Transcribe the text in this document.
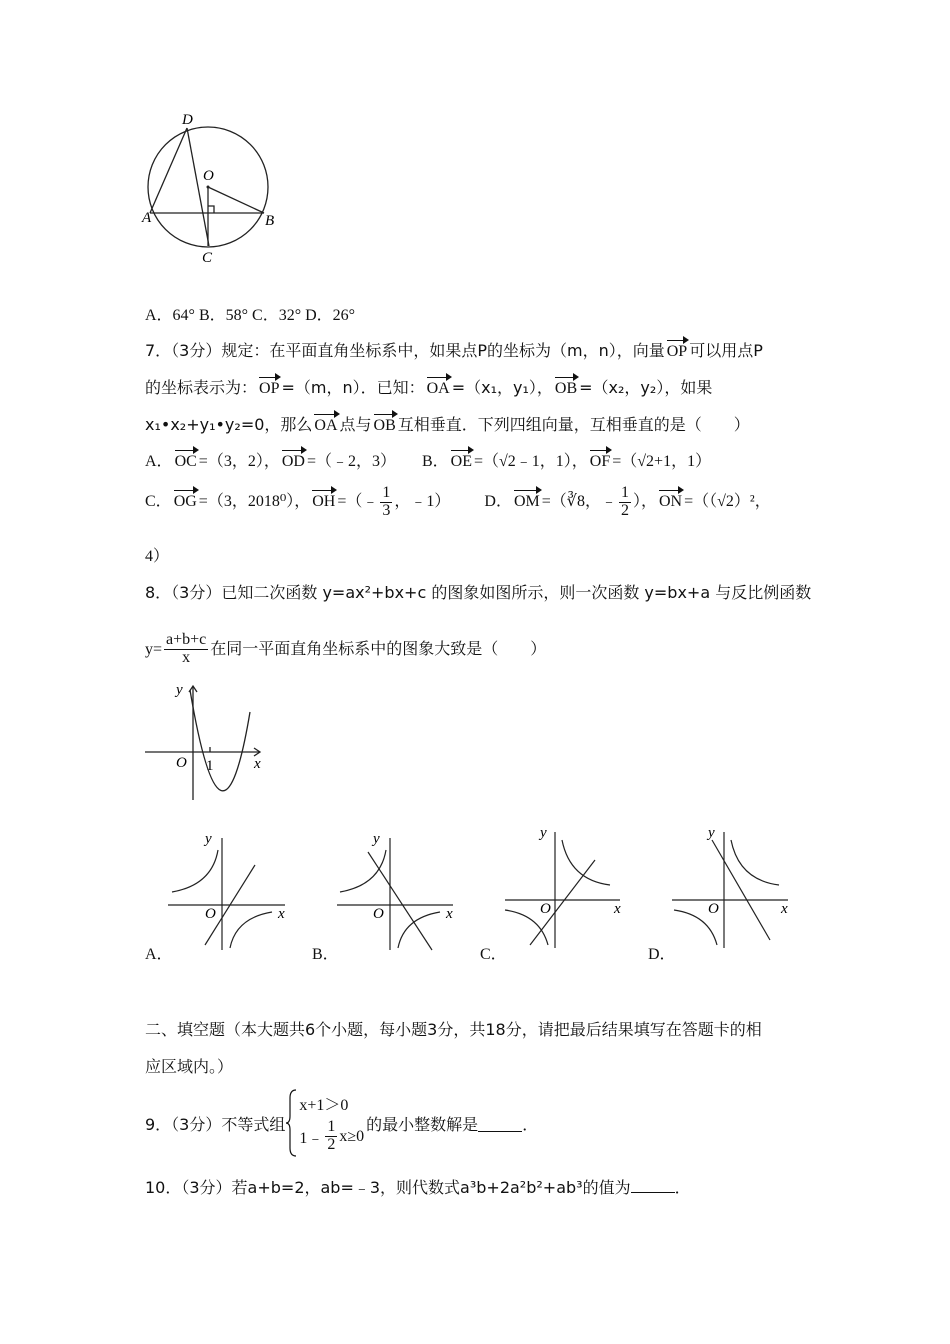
D
O
A	B
C
y
x
O 1
y
x
O
y
x
O
y
x
O
y
x
O
A．64° B．58° C．32° D．26°
7．（3分）规定：在平面直角坐标系中，如果点P的坐标为（m，n），向量 OP 可以用点P
的坐标表示为： OP =（m，n）．已知： OA =（x₁，y₁）， OB =（x₂，y₂），如果
x₁•x₂+y₁•y₂=0，那么 OA 点与 OB 互相垂直．下列四组向量，互相垂直的是（　　）
A． OC =（3，2）， OD =（﹣2，3） B． OE =（√2﹣1，1）， OF =（√2+1，1）
C． OG =（3，2018⁰）， OH =（﹣ $\frac{1}{3}$ ，﹣1） D． OM =（∛8，﹣ $\frac{1}{2}$ ）， ON =（（√2）²，
4）
8．（3分）已知二次函数 y=ax²+bx+c 的图象如图所示，则一次函数 y=bx+a 与反比例函数
$y= \frac{a+b+c}{x}$ 在同一平面直角坐标系中的图象大致是（　　）
A．	B．	C．	D．
二、填空题（本大题共6个小题，每小题3分，共18分，请把最后结果填写在答题卡的相
应区域内。）
9．（3分）不等式组
x+1＞0
1﹣ $\frac{1}{2} x\ge 0$
的最小整数解是	．
10．（3分）若a+b=2，ab=﹣3，则代数式a³b+2a²b²+ab³的值为	．
